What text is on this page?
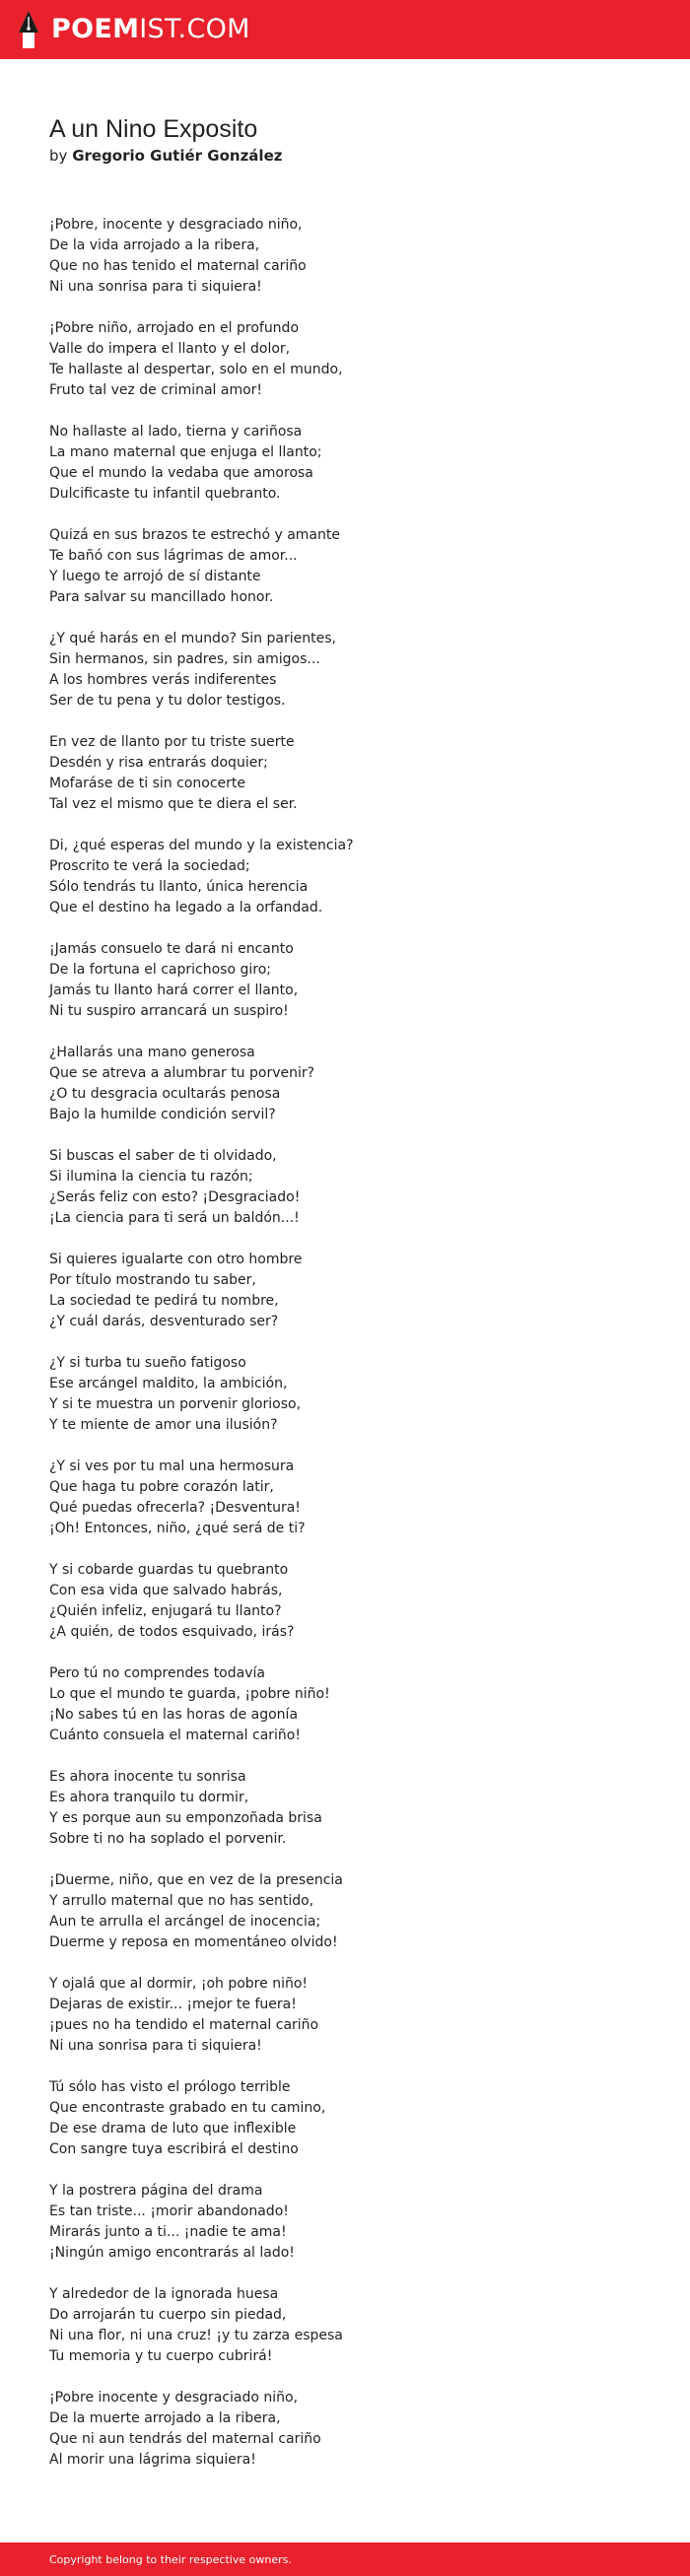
POEMIST.COM
A un Nino Exposito
by Gregorio Gutiér González
¡Pobre, inocente y desgraciado niño,
De la vida arrojado a la ribera,
Que no has tenido el maternal cariño
Ni una sonrisa para ti siquiera!
¡Pobre niño, arrojado en el profundo
Valle do impera el llanto y el dolor,
Te hallaste al despertar, solo en el mundo,
Fruto tal vez de criminal amor!
No hallaste al lado, tierna y cariñosa
La mano maternal que enjuga el llanto;
Que el mundo la vedaba que amorosa
Dulcificaste tu infantil quebranto.
Quizá en sus brazos te estrechó y amante
Te bañó con sus lágrimas de amor...
Y luego te arrojó de sí distante
Para salvar su mancillado honor.
¿Y qué harás en el mundo? Sin parientes,
Sin hermanos, sin padres, sin amigos...
A los hombres verás indiferentes
Ser de tu pena y tu dolor testigos.
En vez de llanto por tu triste suerte
Desdén y risa entrarás doquier;
Mofaráse de ti sin conocerte
Tal vez el mismo que te diera el ser.
Di, ¿qué esperas del mundo y la existencia?
Proscrito te verá la sociedad;
Sólo tendrás tu llanto, única herencia
Que el destino ha legado a la orfandad.
¡Jamás consuelo te dará ni encanto
De la fortuna el caprichoso giro;
Jamás tu llanto hará correr el llanto,
Ni tu suspiro arrancará un suspiro!
¿Hallarás una mano generosa
Que se atreva a alumbrar tu porvenir?
¿O tu desgracia ocultarás penosa
Bajo la humilde condición servil?
Si buscas el saber de ti olvidado,
Si ilumina la ciencia tu razón;
¿Serás feliz con esto? ¡Desgraciado!
¡La ciencia para ti será un baldón...!
Si quieres igualarte con otro hombre
Por título mostrando tu saber,
La sociedad te pedirá tu nombre,
¿Y cuál darás, desventurado ser?
¿Y si turba tu sueño fatigoso
Ese arcángel maldito, la ambición,
Y si te muestra un porvenir glorioso,
Y te miente de amor una ilusión?
¿Y si ves por tu mal una hermosura
Que haga tu pobre corazón latir,
Qué puedas ofrecerla? ¡Desventura!
¡Oh! Entonces, niño, ¿qué será de ti?
Y si cobarde guardas tu quebranto
Con esa vida que salvado habrás,
¿Quién infeliz, enjugará tu llanto?
¿A quién, de todos esquivado, irás?
Pero tú no comprendes todavía
Lo que el mundo te guarda, ¡pobre niño!
¡No sabes tú en las horas de agonía
Cuánto consuela el maternal cariño!
Es ahora inocente tu sonrisa
Es ahora tranquilo tu dormir,
Y es porque aun su emponzoñada brisa
Sobre ti no ha soplado el porvenir.
¡Duerme, niño, que en vez de la presencia
Y arrullo maternal que no has sentido,
Aun te arrulla el arcángel de inocencia;
Duerme y reposa en momentáneo olvido!
Y ojalá que al dormir, ¡oh pobre niño!
Dejaras de existir... ¡mejor te fuera!
¡pues no ha tendido el maternal cariño
Ni una sonrisa para ti siquiera!
Tú sólo has visto el prólogo terrible
Que encontraste grabado en tu camino,
De ese drama de luto que inflexible
Con sangre tuya escribirá el destino
Y la postrera página del drama
Es tan triste... ¡morir abandonado!
Mirarás junto a ti... ¡nadie te ama!
¡Ningún amigo encontrarás al lado!
Y alrededor de la ignorada huesa
Do arrojarán tu cuerpo sin piedad,
Ni una flor, ni una cruz! ¡y tu zarza espesa
Tu memoria y tu cuerpo cubrirá!
¡Pobre inocente y desgraciado niño,
De la muerte arrojado a la ribera,
Que ni aun tendrás del maternal cariño
Al morir una lágrima siquiera!
Copyright belong to their respective owners.
